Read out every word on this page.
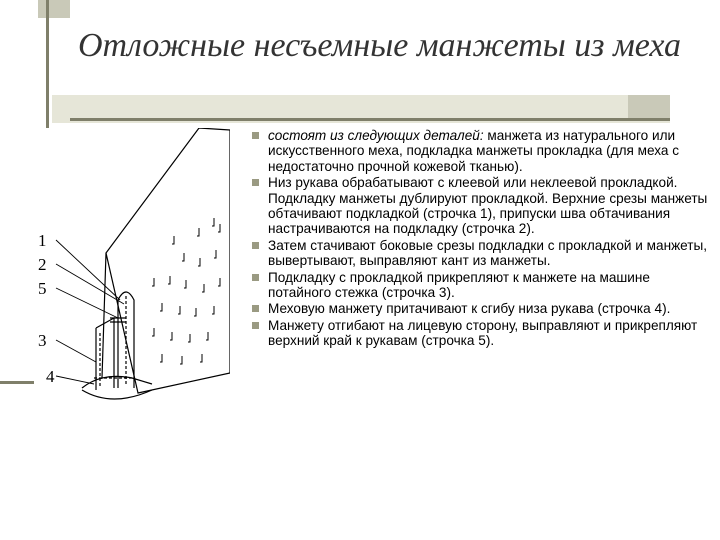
Отложные несъемные манжеты из меха
1
2
5
3
4
состоят из следующих деталей: манжета из натурального или искусственного меха, подкладка манжеты прокладка (для меха с недостаточно прочной кожевой тканью).
Низ рукава обрабатывают с клеевой или неклеевой прокладкой. Подкладку манжеты дублируют прокладкой. Верхние срезы манжеты обтачивают подкладкой (строчка 1), припуски шва обтачивания настрачиваются на подкладку (строчка 2).
Затем стачивают боковые срезы подкладки с прокладкой и манжеты, вывертывают, выправляют кант из манжеты.
Подкладку с прокладкой прикрепляют к манжете на машине потайного стежка (строчка 3).
Меховую манжету притачивают к сгибу низа рукава (строчка 4).
Манжету отгибают на лицевую сторону, выправляют и прикрепляют верхний край к рукавам (строчка 5).
